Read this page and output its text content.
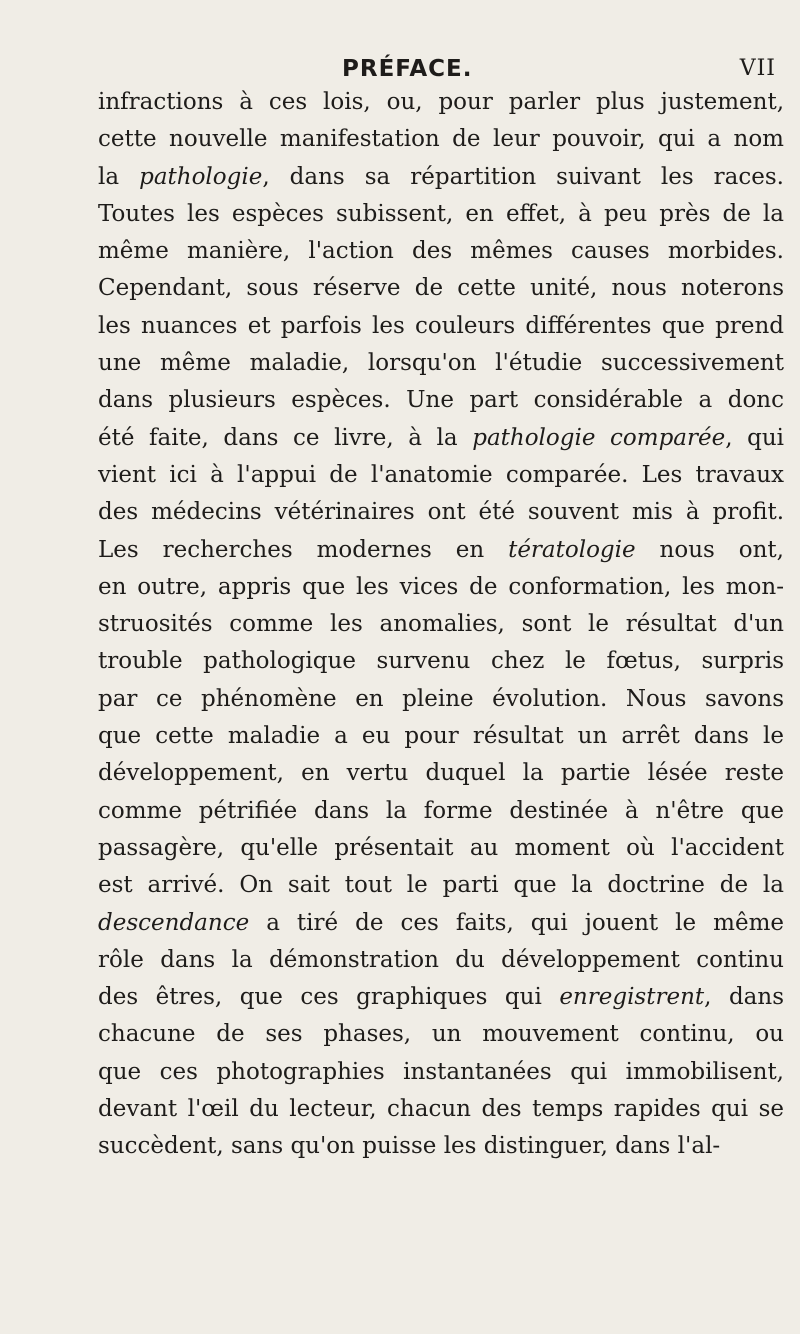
PRÉFACE.	VII
infractions à ces lois, ou, pour parler plus justement,
cette nouvelle manifestation de leur pouvoir, qui a nom
la pathologie, dans sa répartition suivant les races.
Toutes les espèces subissent, en effet, à peu près de la
même manière, l'action des mêmes causes morbides.
Cependant, sous réserve de cette unité, nous noterons
les nuances et parfois les couleurs différentes que prend
une même maladie, lorsqu'on l'étudie successivement
dans plusieurs espèces. Une part considérable a donc
été faite, dans ce livre, à la pathologie comparée, qui
vient ici à l'appui de l'anatomie comparée. Les travaux
des médecins vétérinaires ont été souvent mis à profit.
Les recherches modernes en tératologie nous ont,
en outre, appris que les vices de conformation, les mon-
struosités comme les anomalies, sont le résultat d'un
trouble pathologique survenu chez le fœtus, surpris
par ce phénomène en pleine évolution. Nous savons
que cette maladie a eu pour résultat un arrêt dans le
développement, en vertu duquel la partie lésée reste
comme pétrifiée dans la forme destinée à n'être que
passagère, qu'elle présentait au moment où l'accident
est arrivé. On sait tout le parti que la doctrine de la
descendance a tiré de ces faits, qui jouent le même
rôle dans la démonstration du développement continu
des êtres, que ces graphiques qui enregistrent, dans
chacune de ses phases, un mouvement continu, ou
que ces photographies instantanées qui immobilisent,
devant l'œil du lecteur, chacun des temps rapides qui se
succèdent, sans qu'on puisse les distinguer, dans l'al-
